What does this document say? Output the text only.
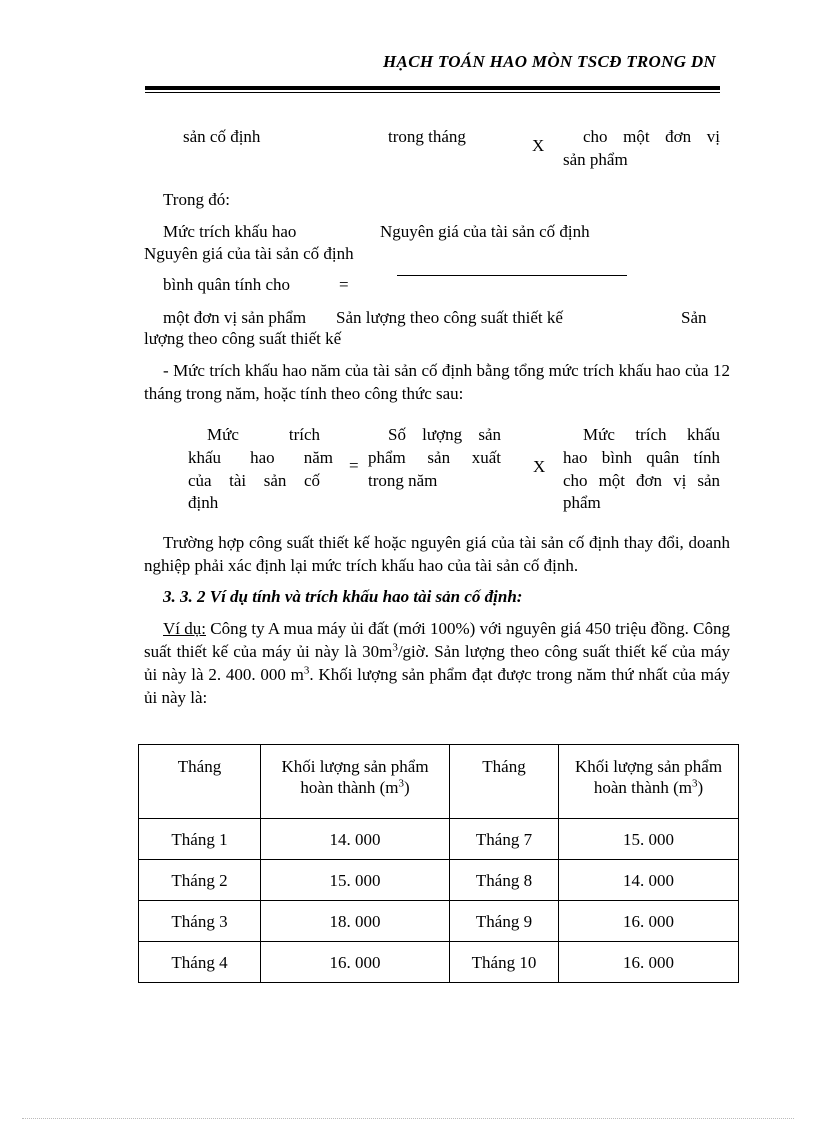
HẠCH TOÁN HAO MÒN TSCĐ TRONG DN
sản cố định	trong tháng	X cho một đơn vị
sản phẩm
Trong đó:
Mức trích khấu hao	Nguyên giá của tài sản cố định
Nguyên giá của tài sản cố định
bình quân tính cho	=
một đơn vị sản phẩm Sản lượng theo công suất thiết kế	Sản
lượng theo công suất thiết kế
- Mức trích khấu hao năm của tài sản cố định bằng tổng mức trích khấu hao của 12 tháng trong năm, hoặc tính theo công thức sau:
Mức trích
khấu hao năm
của tài sản cố
định
=
Số lượng sản
phẩm sản xuất
trong năm
X
Mức trích khấu
hao bình quân tính
cho một đơn vị sản
phẩm
Trường hợp công suất thiết kế hoặc nguyên giá của tài sản cố định thay đổi, doanh nghiệp phải xác định lại mức trích khấu hao của tài sản cố định.
3. 3. 2 Ví dụ tính và trích khấu hao tài sản cố định:
Ví dụ: Công ty A mua máy ủi đất (mới 100%) với nguyên giá 450 triệu đồng. Công suất thiết kế của máy ủi này là $30m^3$/giờ. Sản lượng theo công suất thiết kế của máy ủi này là 2. 400. 000 $m^3$. Khối lượng sản phẩm đạt được trong năm thứ nhất của máy ủi này là:
Tháng	Khối lượng sản phẩm
hoàn thành $(m^3)$	Tháng	Khối lượng sản phẩm
hoàn thành $(m^3)$
Tháng 1	14. 000	Tháng 7	15. 000
Tháng 2	15. 000	Tháng 8	14. 000
Tháng 3	18. 000	Tháng 9	16. 000
Tháng 4	16. 000	Tháng 10	16. 000
